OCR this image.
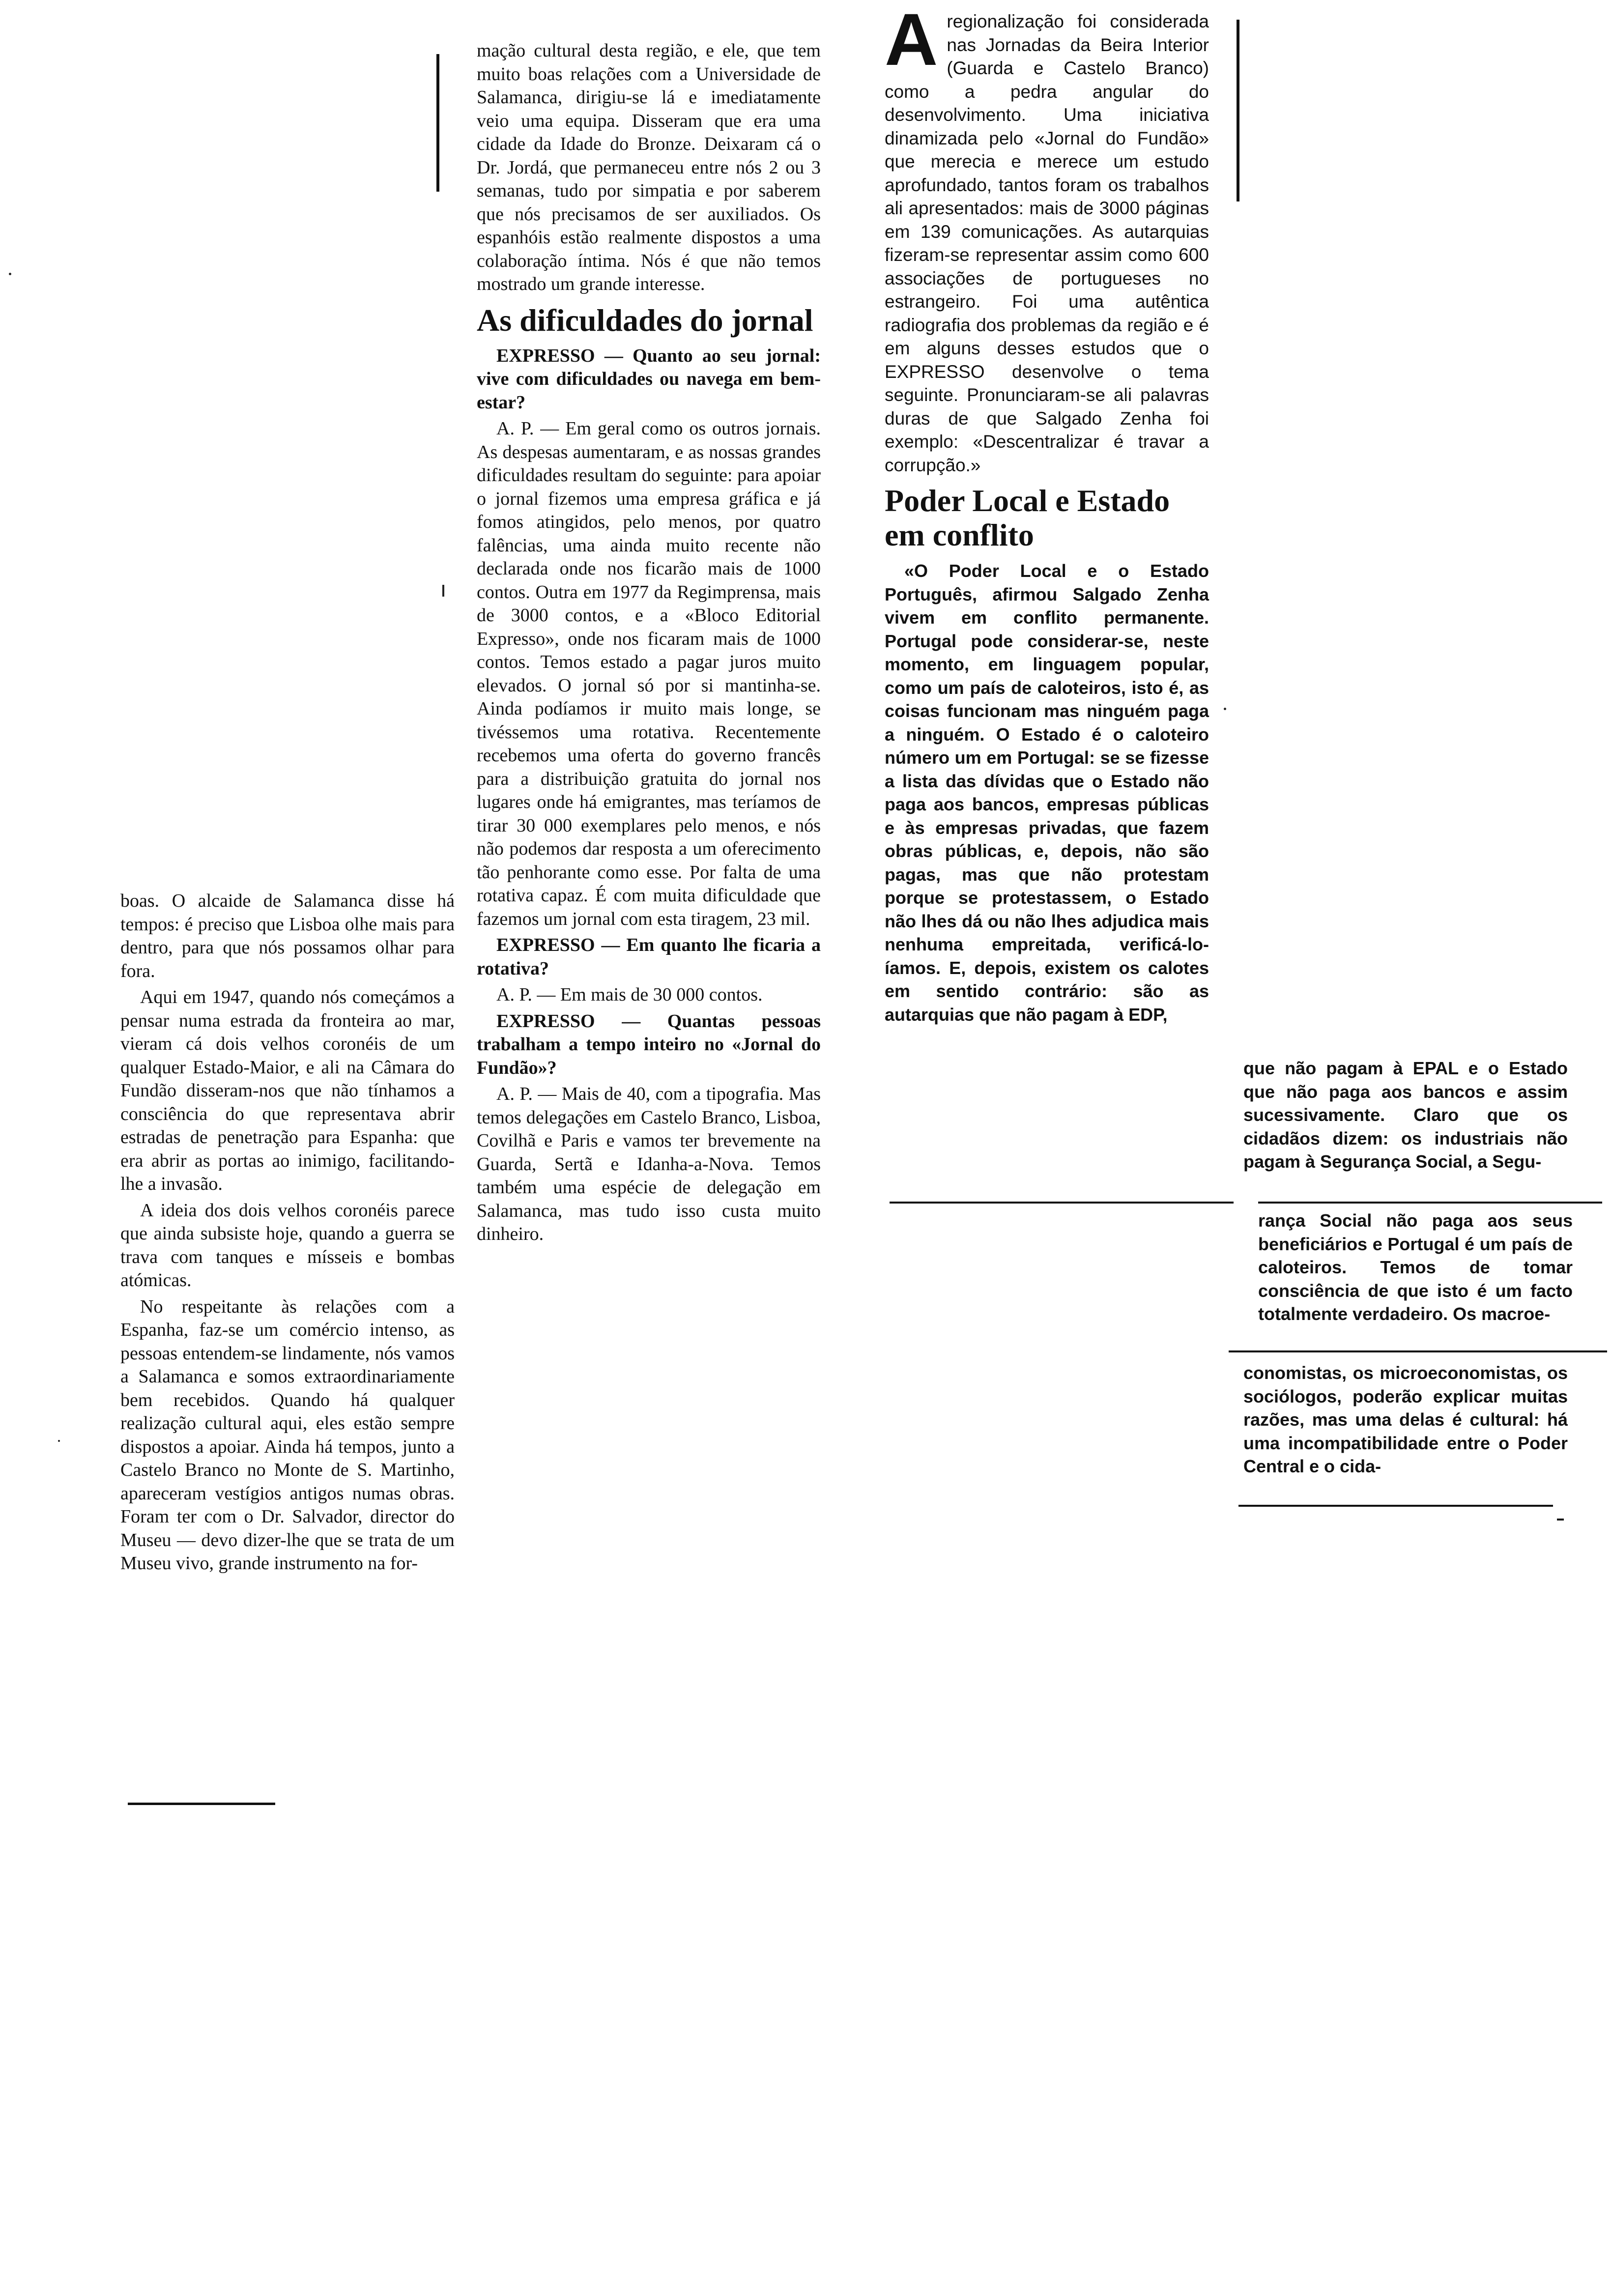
boas. O alcaide de Salamanca disse há tempos: é preciso que Lisboa olhe mais para dentro, para que nós possamos olhar para fora.

Aqui em 1947, quando nós começámos a pensar numa estrada da fronteira ao mar, vieram cá dois velhos coronéis de um qualquer Estado-Maior, e ali na Câmara do Fundão disseram-nos que não tínhamos a consciência do que representava abrir estradas de penetração para Espanha: que era abrir as portas ao inimigo, facilitando-lhe a invasão.

A ideia dos dois velhos coronéis parece que ainda subsiste hoje, quando a guerra se trava com tanques e mísseis e bombas atómicas.

No respeitante às relações com a Espanha, faz-se um comércio intenso, as pessoas entendem-se lindamente, nós vamos a Salamanca e somos extraordinariamente bem recebidos. Quando há qualquer realização cultural aqui, eles estão sempre dispostos a apoiar. Ainda há tempos, junto a Castelo Branco no Monte de S. Martinho, apareceram vestígios antigos numas obras. Foram ter com o Dr. Salvador, director do Museu — devo dizer-lhe que se trata de um Museu vivo, grande instrumento na for-

mação cultural desta região, e ele, que tem muito boas relações com a Universidade de Salamanca, dirigiu-se lá e imediatamente veio uma equipa. Disseram que era uma cidade da Idade do Bronze. Deixaram cá o Dr. Jordá, que permaneceu entre nós 2 ou 3 semanas, tudo por simpatia e por saberem que nós precisamos de ser auxiliados. Os espanhóis estão realmente dispostos a uma colaboração íntima. Nós é que não temos mostrado um grande interesse.

As dificuldades do jornal

EXPRESSO — Quanto ao seu jornal: vive com dificuldades ou navega em bem-estar?

A. P. — Em geral como os outros jornais. As despesas aumentaram, e as nossas grandes dificuldades resultam do seguinte: para apoiar o jornal fizemos uma empresa gráfica e já fomos atingidos, pelo menos, por quatro falências, uma ainda muito recente não declarada onde nos ficarão mais de 1000 contos. Outra em 1977 da Regimprensa, mais de 3000 contos, e a «Bloco Editorial Expresso», onde nos ficaram mais de 1000 contos. Temos estado a pagar juros muito elevados. O jornal só por si mantinha-se. Ainda podíamos ir muito mais longe, se tivéssemos uma rotativa. Recentemente recebemos uma oferta do governo francês para a distribuição gratuita do jornal nos lugares onde há emigrantes, mas teríamos de tirar 30 000 exemplares pelo menos, e nós não podemos dar resposta a um oferecimento tão penhorante como esse. Por falta de uma rotativa capaz. É com muita dificuldade que fazemos um jornal com esta tiragem, 23 mil.

EXPRESSO — Em quanto lhe ficaria a rotativa?

A. P. — Em mais de 30 000 contos.

EXPRESSO — Quantas pessoas trabalham a tempo inteiro no «Jornal do Fundão»?

A. P. — Mais de 40, com a tipografia. Mas temos delegações em Castelo Branco, Lisboa, Covilhã e Paris e vamos ter brevemente na Guarda, Sertã e Idanha-a-Nova. Temos também uma espécie de delegação em Salamanca, mas tudo isso custa muito dinheiro.

Aregionalização foi considerada nas Jornadas da Beira Interior (Guarda e Castelo Branco) como a pedra angular do desenvolvimento. Uma iniciativa dinamizada pelo «Jornal do Fundão» que merecia e merece um estudo aprofundado, tantos foram os trabalhos ali apresentados: mais de 3000 páginas em 139 comunicações. As autarquias fizeram-se representar assim como 600 associações de portugueses no estrangeiro. Foi uma autêntica radiografia dos problemas da região e é em alguns desses estudos que o EXPRESSO desenvolve o tema seguinte. Pronunciaram-se ali palavras duras de que Salgado Zenha foi exemplo: «Descentralizar é travar a corrupção.»

Poder Local e Estado em conflito

«O Poder Local e o Estado Português, afirmou Salgado Zenha vivem em conflito permanente. Portugal pode considerar-se, neste momento, em linguagem popular, como um país de caloteiros, isto é, as coisas funcionam mas ninguém paga a ninguém. O Estado é o caloteiro número um em Portugal: se se fizesse a lista das dívidas que o Estado não paga aos bancos, empresas públicas e às empresas privadas, que fazem obras públicas, e, depois, não são pagas, mas que não protestam porque se protestassem, o Estado não lhes dá ou não lhes adjudica mais nenhuma empreitada, verificá-lo-íamos. E, depois, existem os calotes em sentido contrário: são as autarquias que não pagam à EDP,

que não pagam à EPAL e o Estado que não paga aos bancos e assim sucessivamente. Claro que os cidadãos dizem: os industriais não pagam à Segurança Social, a Segu-

rança Social não paga aos seus beneficiários e Portugal é um país de caloteiros. Temos de tomar consciência de que isto é um facto totalmente verdadeiro. Os macroe-

conomistas, os microeconomistas, os sociólogos, poderão explicar muitas razões, mas uma delas é cultural: há uma incompatibilidade entre o Poder Central e o cida-
